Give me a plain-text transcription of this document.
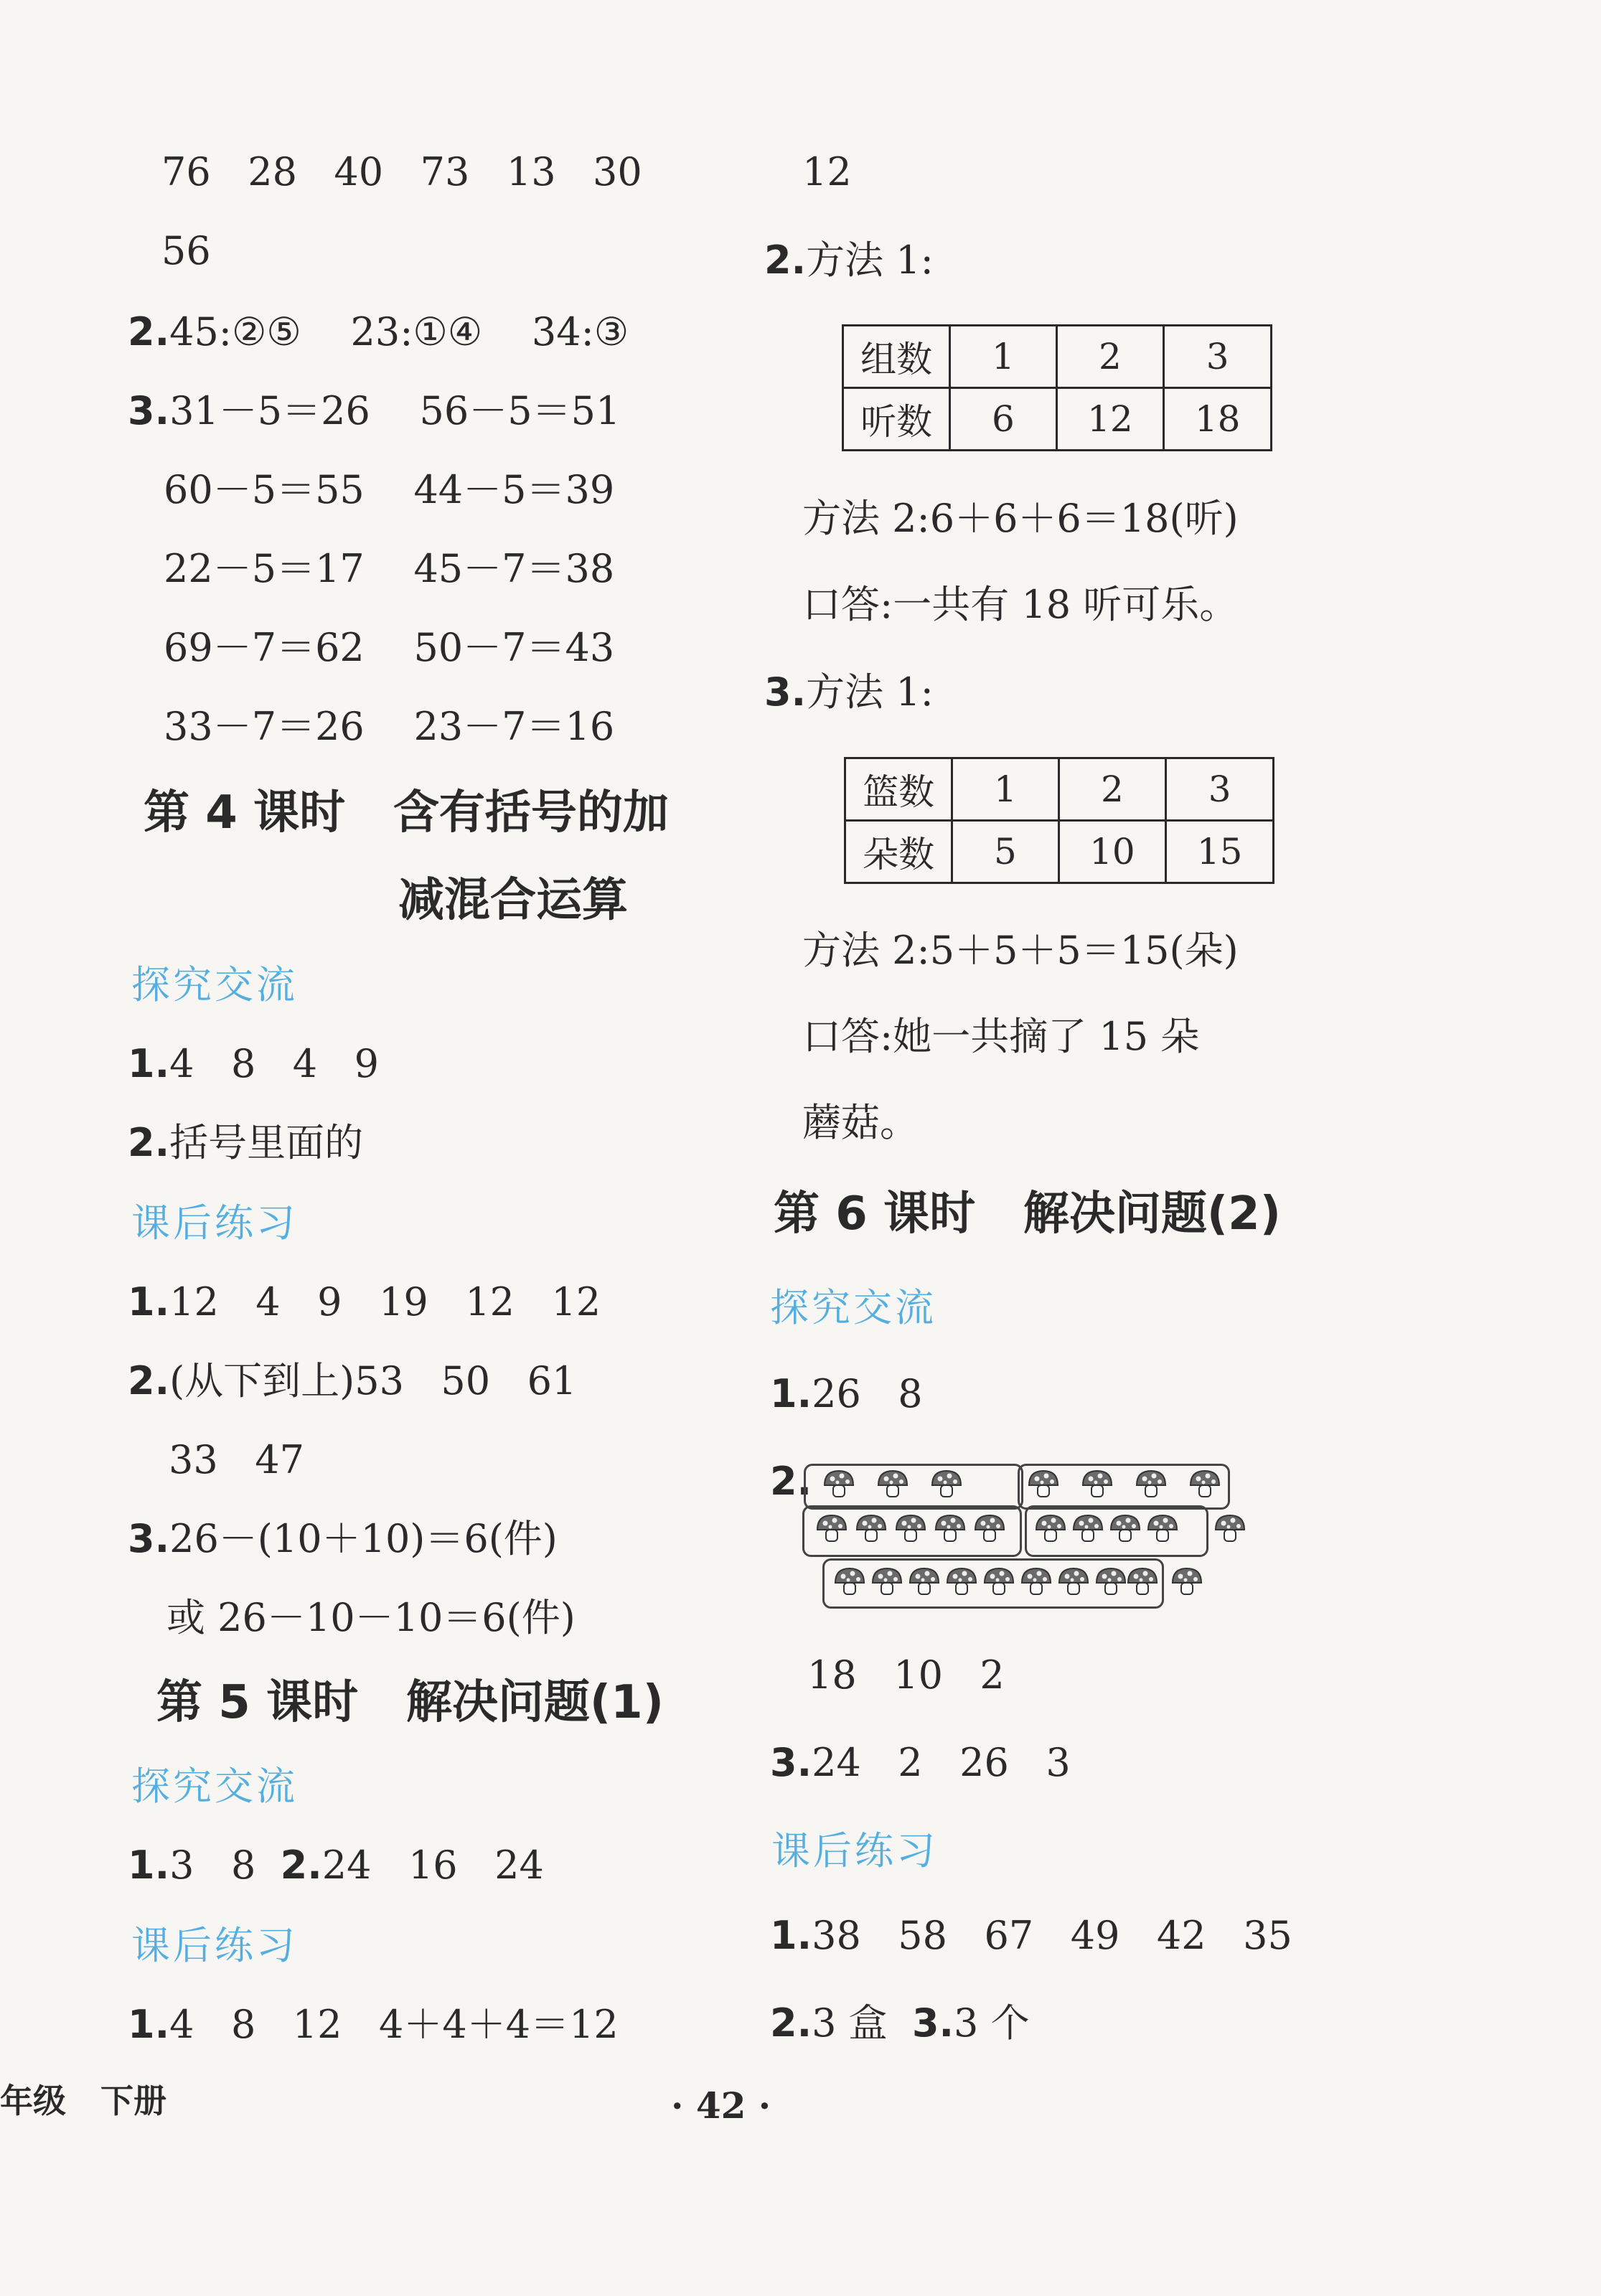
76   28   40   73   13   30
56
2.45:②⑤    23:①④    34:③
3.31－5＝26    56－5＝51
60－5＝55    44－5＝39
22－5＝17    45－7＝38
69－7＝62    50－7＝43
33－7＝26    23－7＝16
第 4 课时   含有括号的加
减混合运算
探究交流
1.4   8   4   9
2.括号里面的
课后练习
1.12   4   9   19   12   12
2.(从下到上)53   50   61
33   47
3.26－(10＋10)＝6(件)
或 26－10－10＝6(件)
第 5 课时   解决问题(1)
探究交流
1.3   8  2.24   16   24
课后练习
1.4   8   12   4＋4＋4＝12
12
2.方法 1:
组数	1	2	3
听数	6	12	18
方法 2:6＋6＋6＝18(听)
口答:一共有 18 听可乐。
3.方法 1:
篮数	1	2	3
朵数	5	10	15
方法 2:5＋5＋5＝15(朵)
口答:她一共摘了 15 朵
蘑菇。
第 6 课时   解决问题(2)
探究交流
1.26   8
2.
18   10   2
3.24   2   26   3
课后练习
1.38   58   67   49   42   35
2.3 盒  3.3 个
年级   下册	· 42 ·
